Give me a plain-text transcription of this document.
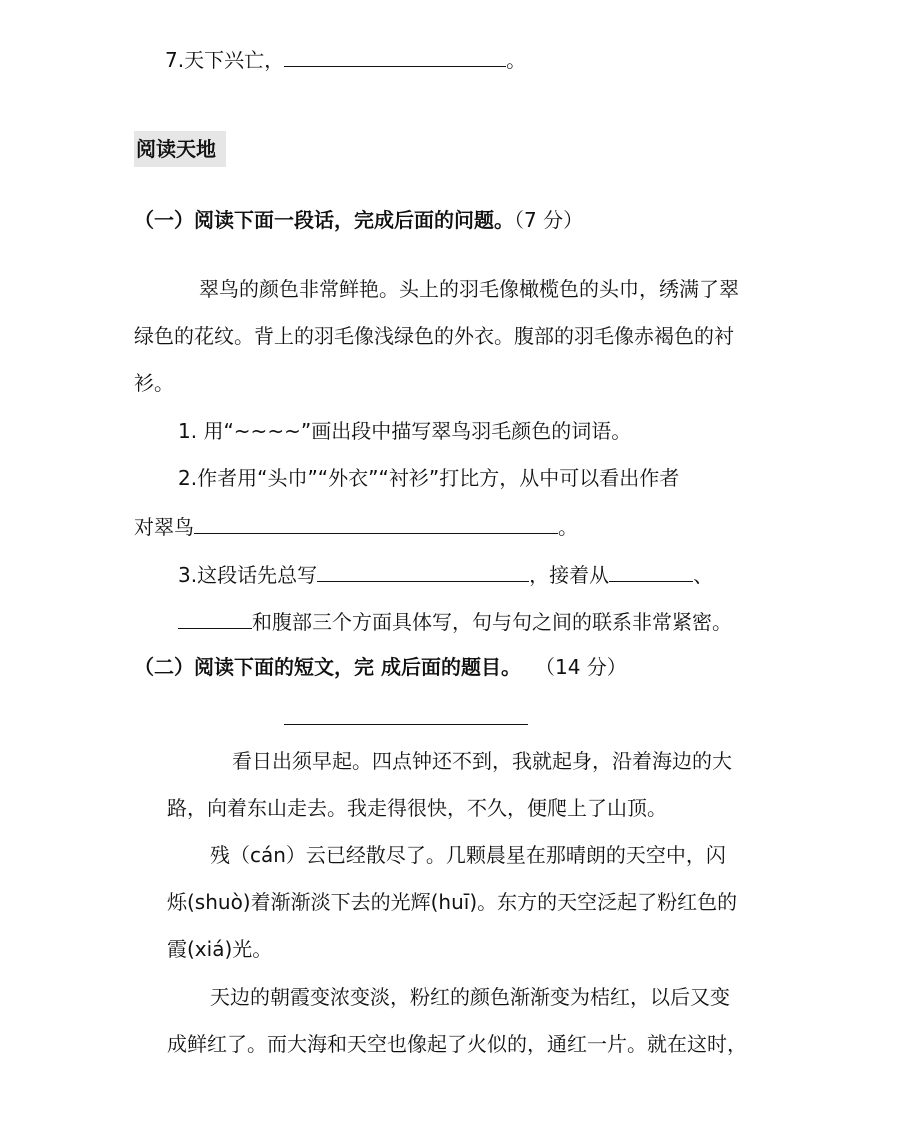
7.天下兴亡，	。
阅读天地
（一）阅读下面一段话，完成后面的问题。（7 分）
翠鸟的颜色非常鲜艳。头上的羽毛像橄榄色的头巾，绣满了翠
绿色的花纹。背上的羽毛像浅绿色的外衣。腹部的羽毛像赤褐色的衬
衫。
1. 用“~~~~”画出段中描写翠鸟羽毛颜色的词语。
2.作者用“头巾”“外衣”“衬衫”打比方，从中可以看出作者
对翠鸟	。
3.这段话先总写	，接着从	、
和腹部三个方面具体写，句与句之间的联系非常紧密。
（二）阅读下面的短文，完 成后面的题目。 （14 分）
看日出须早起。四点钟还不到，我就起身，沿着海边的大
路，向着东山走去。我走得很快，不久，便爬上了山顶。
残（cán）云已经散尽了。几颗晨星在那晴朗的天空中，闪
烁(shuò)着渐渐淡下去的光辉(huī)。东方的天空泛起了粉红色的
霞(xiá)光。
天边的朝霞变浓变淡，粉红的颜色渐渐变为桔红，以后又变
成鲜红了。而大海和天空也像起了火似的，通红一片。就在这时，
